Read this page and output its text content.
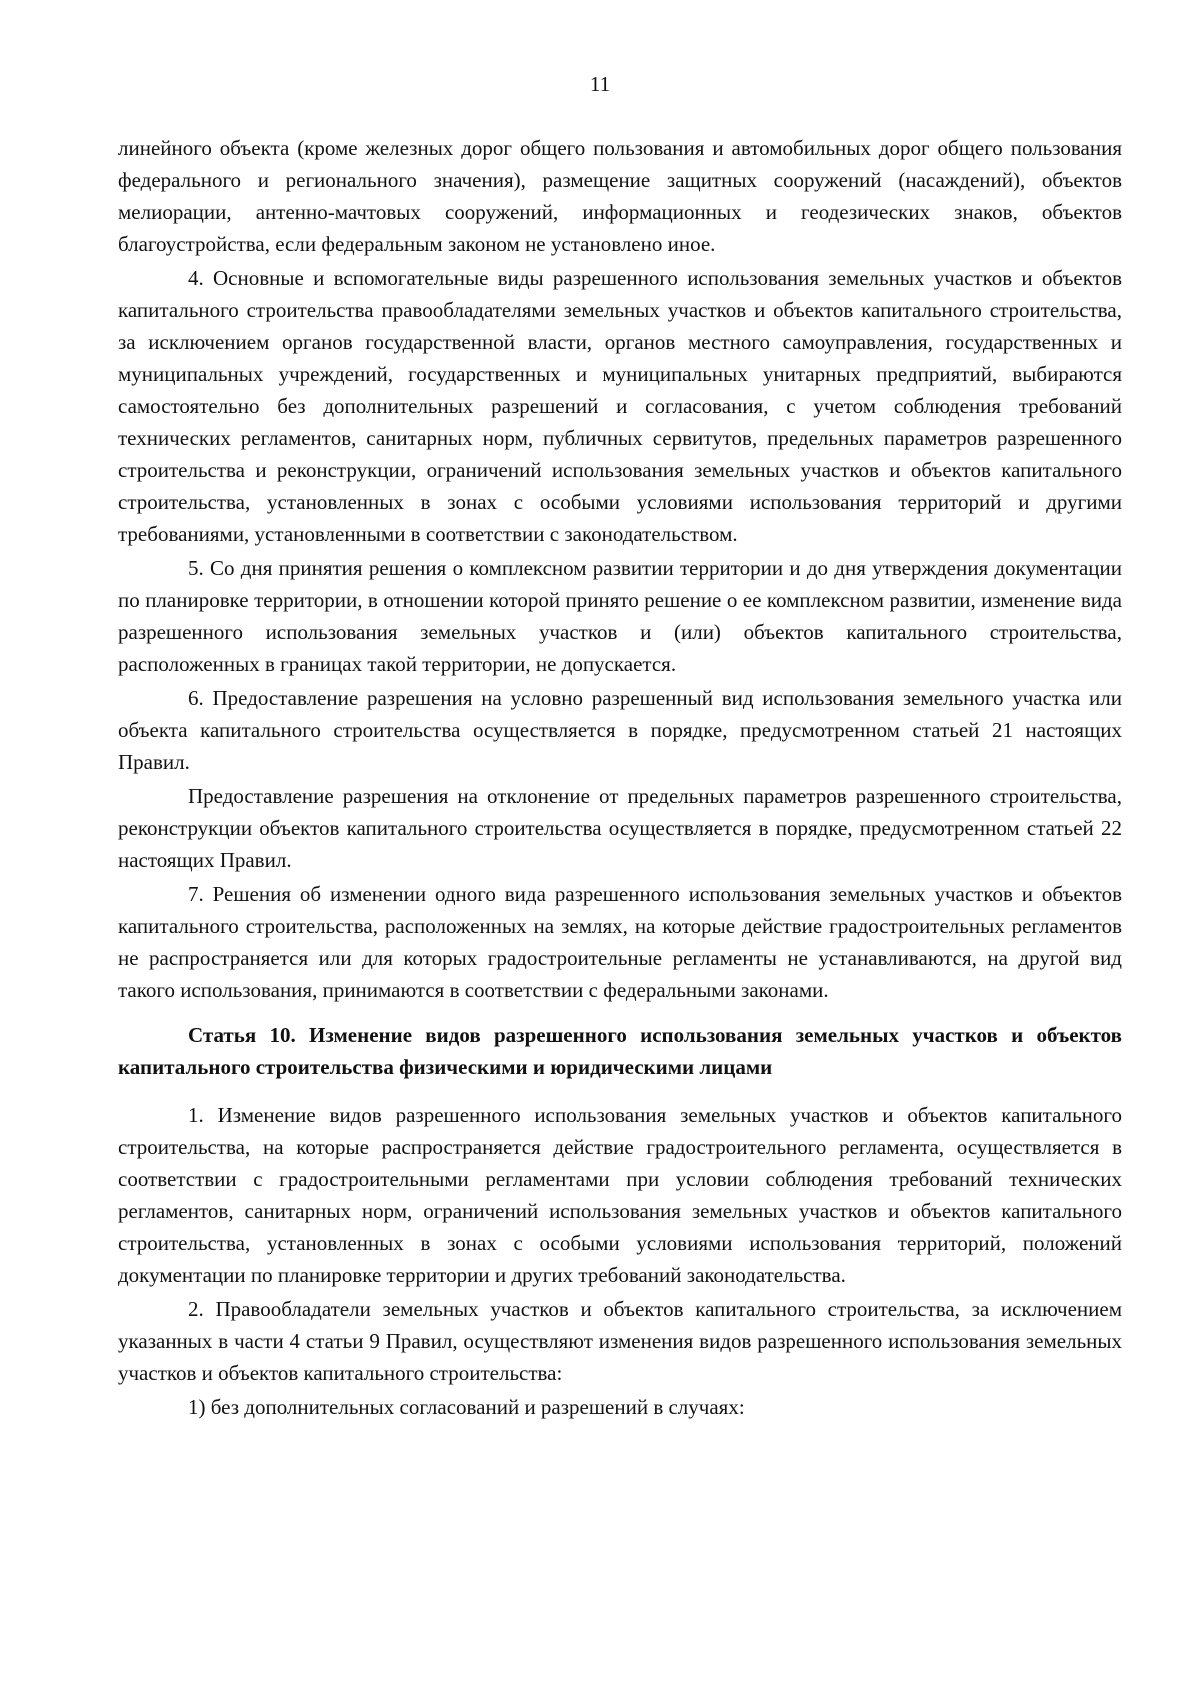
11

линейного объекта (кроме железных дорог общего пользования и автомобильных дорог общего пользования федерального и регионального значения), размещение защитных сооружений (насаждений), объектов мелиорации, антенно-мачтовых сооружений, информационных и геодезических знаков, объектов благоустройства, если федеральным законом не установлено иное.

4. Основные и вспомогательные виды разрешенного использования земельных участков и объектов капитального строительства правообладателями земельных участков и объектов капитального строительства, за исключением органов государственной власти, органов местного самоуправления, государственных и муниципальных учреждений, государственных и муниципальных унитарных предприятий, выбираются самостоятельно без дополнительных разрешений и согласования, с учетом соблюдения требований технических регламентов, санитарных норм, публичных сервитутов, предельных параметров разрешенного строительства и реконструкции, ограничений использования земельных участков и объектов капитального строительства, установленных в зонах с особыми условиями использования территорий и другими требованиями, установленными в соответствии с законодательством.

5. Со дня принятия решения о комплексном развитии территории и до дня утверждения документации по планировке территории, в отношении которой принято решение о ее комплексном развитии, изменение вида разрешенного использования земельных участков и (или) объектов капитального строительства, расположенных в границах такой территории, не допускается.

6. Предоставление разрешения на условно разрешенный вид использования земельного участка или объекта капитального строительства осуществляется в порядке, предусмотренном статьей 21 настоящих Правил.

Предоставление разрешения на отклонение от предельных параметров разрешенного строительства, реконструкции объектов капитального строительства осуществляется в порядке, предусмотренном статьей 22 настоящих Правил.

7. Решения об изменении одного вида разрешенного использования земельных участков и объектов капитального строительства, расположенных на землях, на которые действие градостроительных регламентов не распространяется или для которых градостроительные регламенты не устанавливаются, на другой вид такого использования, принимаются в соответствии с федеральными законами.

Статья 10. Изменение видов разрешенного использования земельных участков и объектов капитального строительства физическими и юридическими лицами

1. Изменение видов разрешенного использования земельных участков и объектов капитального строительства, на которые распространяется действие градостроительного регламента, осуществляется в соответствии с градостроительными регламентами при условии соблюдения требований технических регламентов, санитарных норм, ограничений использования земельных участков и объектов капитального строительства, установленных в зонах с особыми условиями использования территорий, положений документации по планировке территории и других требований законодательства.

2. Правообладатели земельных участков и объектов капитального строительства, за исключением указанных в части 4 статьи 9 Правил, осуществляют изменения видов разрешенного использования земельных участков и объектов капитального строительства:

1) без дополнительных согласований и разрешений в случаях:
